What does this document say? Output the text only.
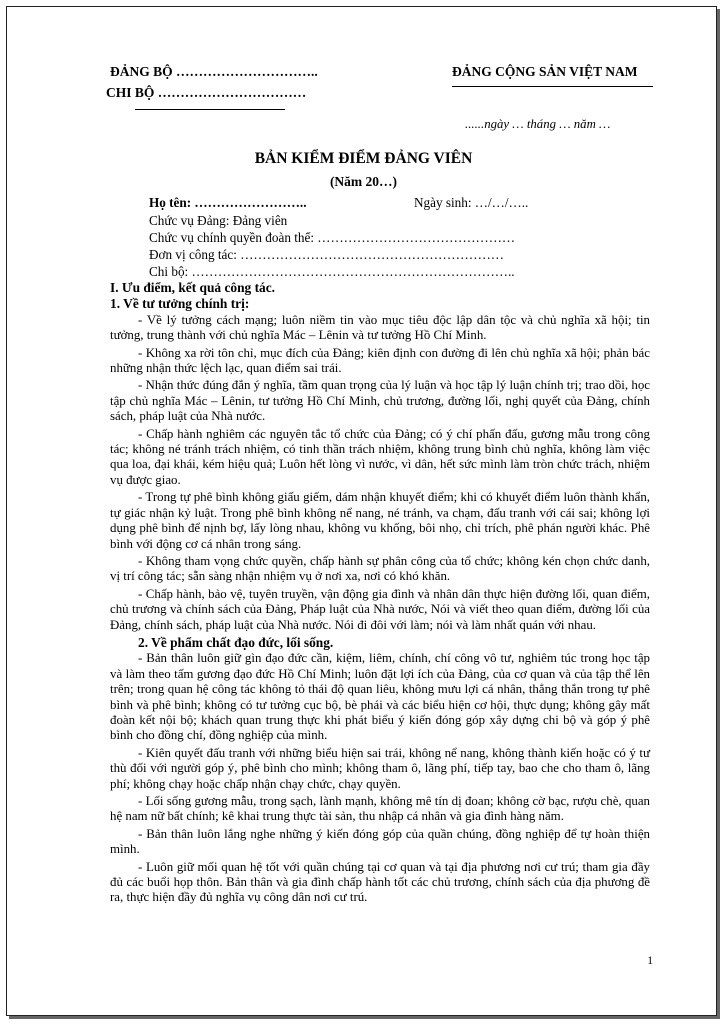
ĐẢNG BỘ …………………………..
CHI BỘ ……………………………
ĐẢNG CỘNG SẢN VIỆT NAM
......ngày … tháng … năm …
BẢN KIỂM ĐIỂM ĐẢNG VIÊN
(Năm 20…)
Họ tên: ……………………..	Ngày sinh: …/…/…..
Chức vụ Đảng: Đảng viên
Chức vụ chính quyền đoàn thể: ………………………………………
Đơn vị công tác: ……………………………………………………
Chi bộ: ………………………………………………………………..

I. Ưu điểm, kết quả công tác.

1. Về tư tưởng chính trị:

- Về lý tưởng cách mạng; luôn niềm tin vào mục tiêu độc lập dân tộc và chủ nghĩa xã hội; tin tưởng, trung thành với chủ nghĩa Mác – Lênin và tư tưởng Hồ Chí Minh.

- Không xa rời tôn chỉ, mục đích của Đảng; kiên định con đường đi lên chủ nghĩa xã hội; phản bác những nhận thức lệch lạc, quan điểm sai trái.

- Nhận thức đúng đắn ý nghĩa, tầm quan trọng của lý luận và học tập lý luận chính trị; trao dồi, học tập chủ nghĩa Mác – Lênin, tư tưởng Hồ Chí Minh, chủ trương, đường lối, nghị quyết của Đảng, chính sách, pháp luật của Nhà nước.

- Chấp hành nghiêm các nguyên tắc tổ chức của Đảng; có ý chí phấn đấu, gương mẫu trong công tác; không né tránh trách nhiệm, có tinh thần trách nhiệm, không trung bình chủ nghĩa, không làm việc qua loa, đại khái, kém hiệu quả; Luôn hết lòng vì nước, vì dân, hết sức mình làm tròn chức trách, nhiệm vụ được giao.

- Trong tự phê bình không giấu giếm, dám nhận khuyết điểm; khi có khuyết điểm luôn thành khẩn, tự giác nhận kỷ luật. Trong phê bình không nể nang, né tránh, va chạm, đấu tranh với cái sai; không lợi dụng phê bình để nịnh bợ, lấy lòng nhau, không vu khống, bôi nhọ, chỉ trích, phê phán người khác. Phê bình với động cơ cá nhân trong sáng.

- Không tham vọng chức quyền, chấp hành sự phân công của tổ chức; không kén chọn chức danh, vị trí công tác; sẵn sàng nhận nhiệm vụ ở nơi xa, nơi có khó khăn.

- Chấp hành, bảo vệ, tuyên truyền, vận động gia đình và nhân dân thực hiện đường lối, quan điểm, chủ trương và chính sách của Đảng, Pháp luật của Nhà nước, Nói và viết theo quan điểm, đường lối của Đảng, chính sách, pháp luật của Nhà nước. Nói đi đôi với làm; nói và làm nhất quán với nhau.

2. Về phẩm chất đạo đức, lối sống.

- Bản thân luôn giữ gìn đạo đức cần, kiệm, liêm, chính, chí công vô tư, nghiêm túc trong học tập và làm theo tấm gương đạo đức Hồ Chí Minh; luôn đặt lợi ích của Đảng, của cơ quan và của tập thể lên trên; trong quan hệ công tác không tỏ thái độ quan liêu, không mưu lợi cá nhân, thẳng thắn trong tự phê bình và phê bình; không có tư tưởng cục bộ, bè phái và các biểu hiện cơ hội, thực dụng; không gây mất đoàn kết nội bộ; khách quan trung thực khi phát biểu ý kiến đóng góp xây dựng chi bộ và góp ý phê bình cho đồng chí, đồng nghiệp của mình.

- Kiên quyết đấu tranh với những biểu hiện sai trái, không nể nang, không thành kiến hoặc có ý tư thù đối với người góp ý, phê bình cho mình; không tham ô, lãng phí, tiếp tay, bao che cho tham ô, lãng phí; không chạy hoặc chấp nhận chạy chức, chạy quyền.

- Lối sống gương mẫu, trong sạch, lành mạnh, không mê tín dị đoan; không cờ bạc, rượu chè, quan hệ nam nữ bất chính; kê khai trung thực tài sản, thu nhập cá nhân và gia đình hàng năm.

- Bản thân luôn lắng nghe những ý kiến đóng góp của quần chúng, đồng nghiệp để tự hoàn thiện mình.

- Luôn giữ mối quan hệ tốt với quần chúng tại cơ quan và tại địa phương nơi cư trú; tham gia đầy đủ các buổi họp thôn. Bản thân và gia đình chấp hành tốt các chủ trương, chính sách của địa phương đề ra, thực hiện đầy đủ nghĩa vụ công dân nơi cư trú.

1
